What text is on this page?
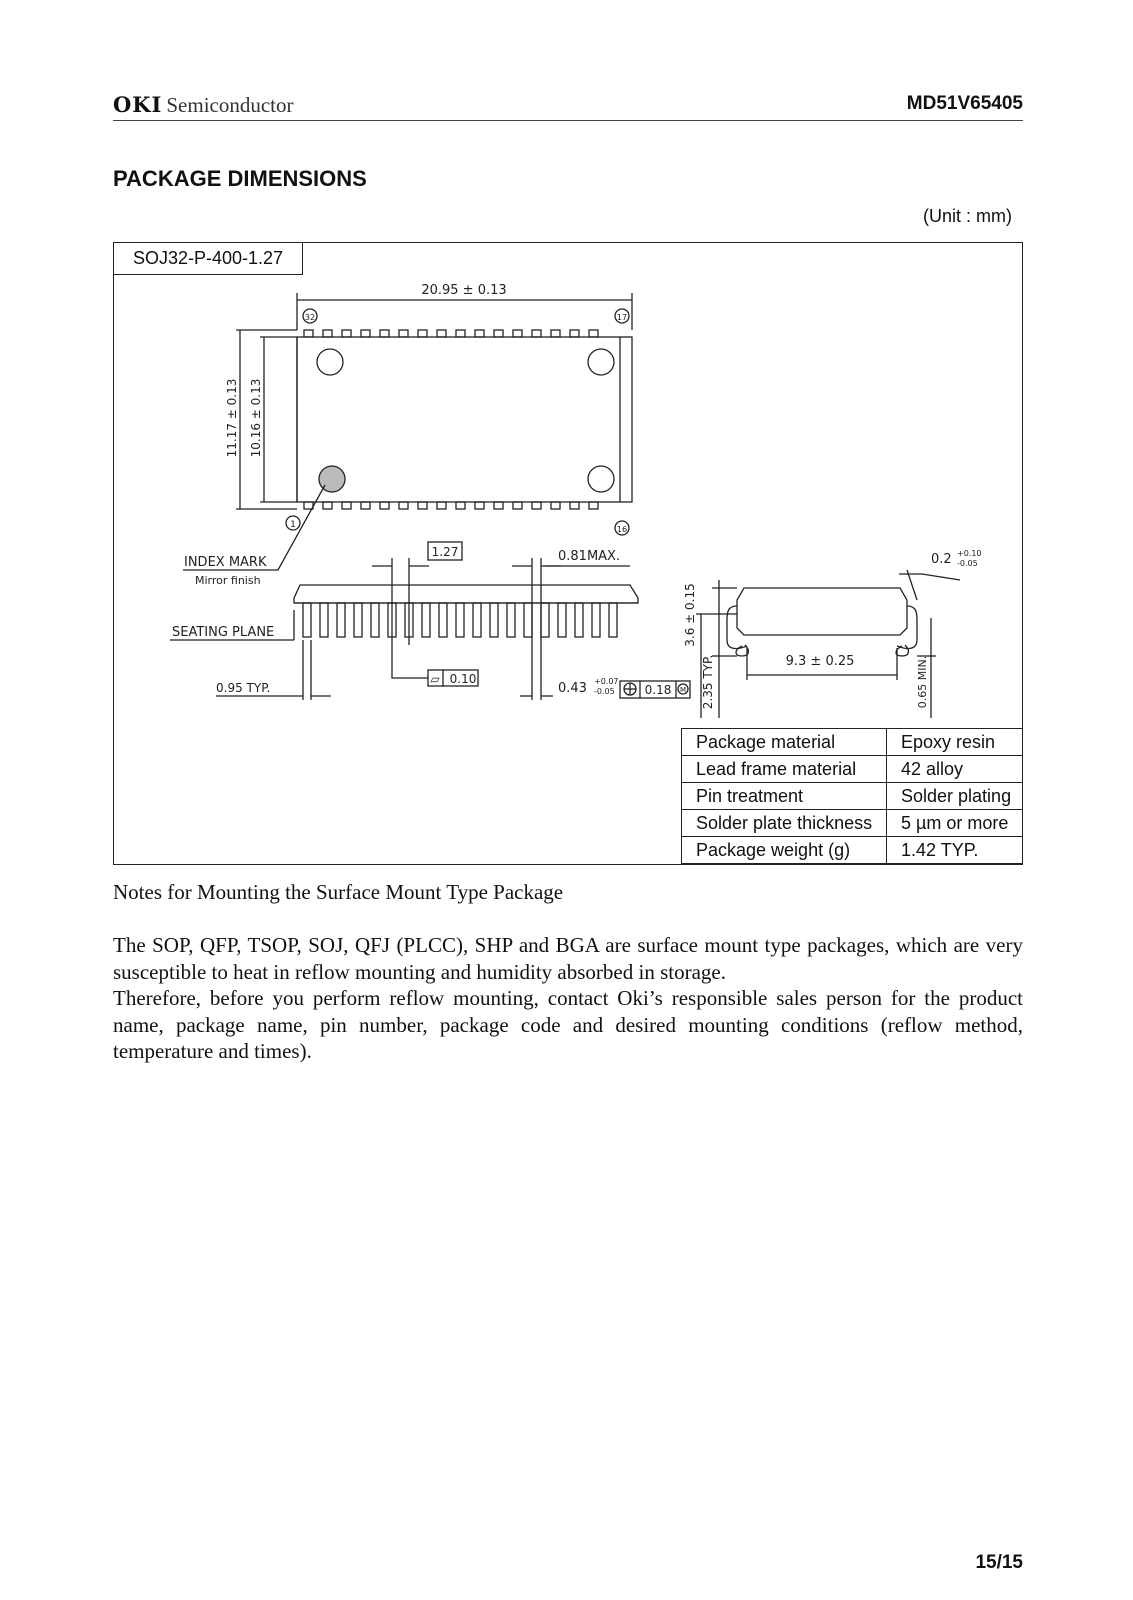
OKI Semiconductor	MD51V65405
PACKAGE DIMENSIONS
(Unit : mm)
20.95 ± 0.13
32	17
1	16
11.17 ± 0.13 10.16 ± 0.13
INDEX MARK
Mirror finish
SEATING PLANE
1.27	0.81MAX.
0.95 TYP.
0.10
⏥
0.43 +0.07
-0.05 0.18 M
3.6 ± 0.15
2.35 TYP.	9.3 ± 0.25	0.65 MIN.
0.2 +0.10
-0.05
SOJ32-P-400-1.27
Package material	Epoxy resin
Lead frame material	42 alloy
Pin treatment	Solder plating
Solder plate thickness	5 µm or more
Package weight (g)	1.42 TYP.
Notes for Mounting the Surface Mount Type Package

The SOP, QFP, TSOP, SOJ, QFJ (PLCC), SHP and BGA are surface mount type packages, which are very susceptible to heat in reflow mounting and humidity absorbed in storage.

Therefore, before you perform reflow mounting, contact Oki’s responsible sales person for the product name, package name, pin number, package code and desired mounting conditions (reflow method, temperature and times).

15/15
